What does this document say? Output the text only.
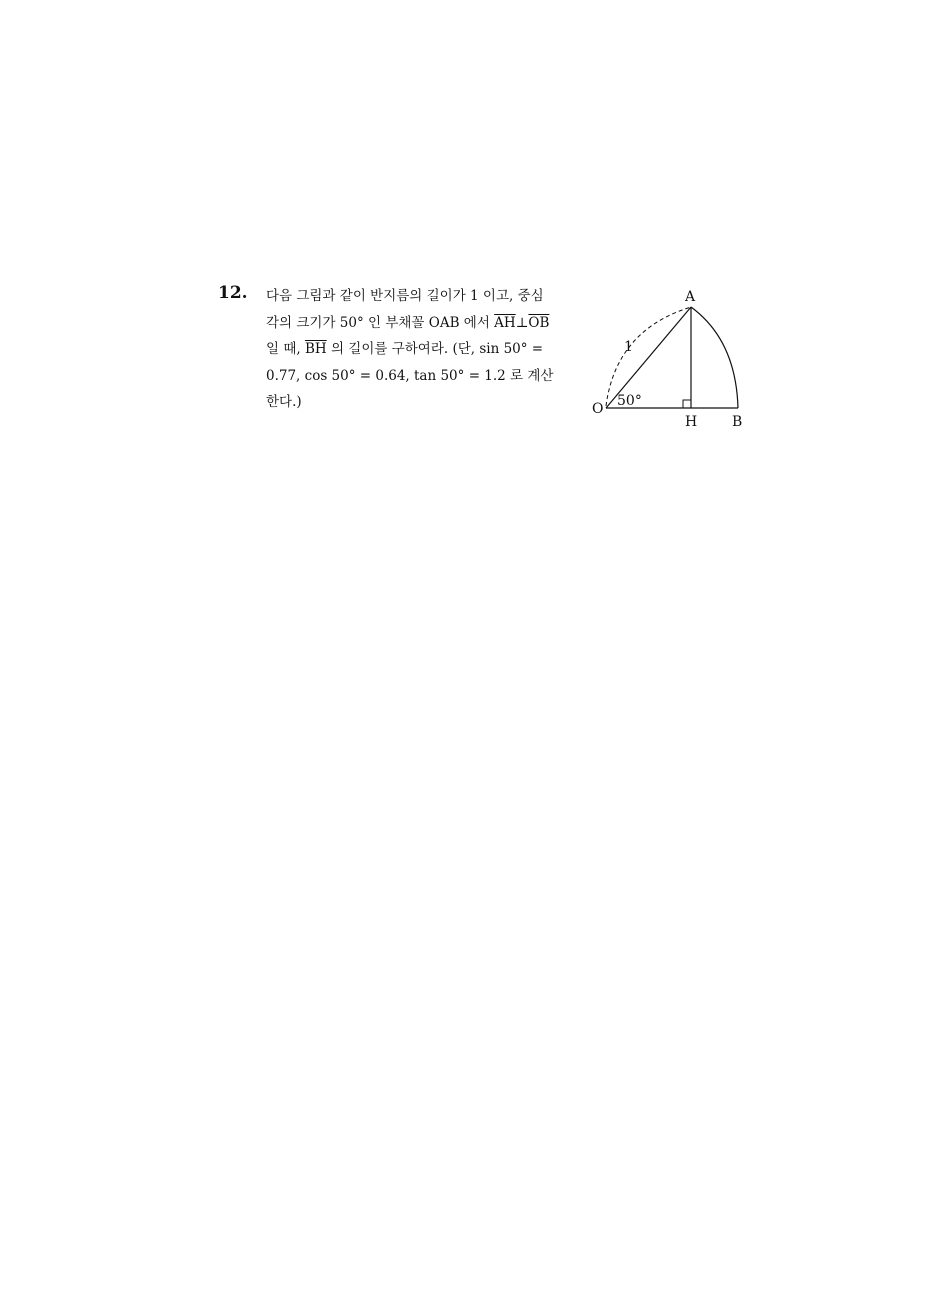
12. 다음 그림과 같이 반지름의 길이가 1 이고, 중심
각의 크기가 50° 인 부채꼴 OAB 에서 $\overline{AH}\perp\overline{OB}$
일 때, $\overline{BH}$ 의 길이를 구하여라. (단, sin 50° =
0.77, cos 50° = 0.64, tan 50° = 1.2 로 계산
한다.)	O
A
H B
1
50°
